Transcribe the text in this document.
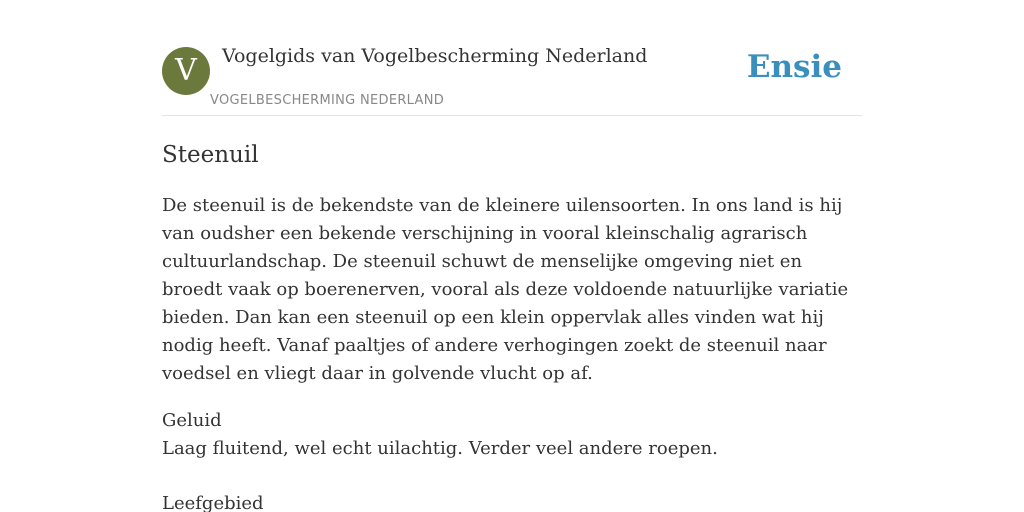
V	Vogelgids van Vogelbescherming Nederland
VOGELBESCHERMING NEDERLAND
Ensie
Steenuil
De steenuil is de bekendste van de kleinere uilensoorten. In ons land is hij van oudsher een bekende verschijning in vooral kleinschalig agrarisch cultuurlandschap. De steenuil schuwt de menselijke omgeving niet en broedt vaak op boerenerven, vooral als deze voldoende natuurlijke variatie bieden. Dan kan een steenuil op een klein oppervlak alles vinden wat hij nodig heeft. Vanaf paaltjes of andere verhogingen zoekt de steenuil naar voedsel en vliegt daar in golvende vlucht op af.
Geluid
Laag fluitend, wel echt uilachtig. Verder veel andere roepen.
Leefgebied
